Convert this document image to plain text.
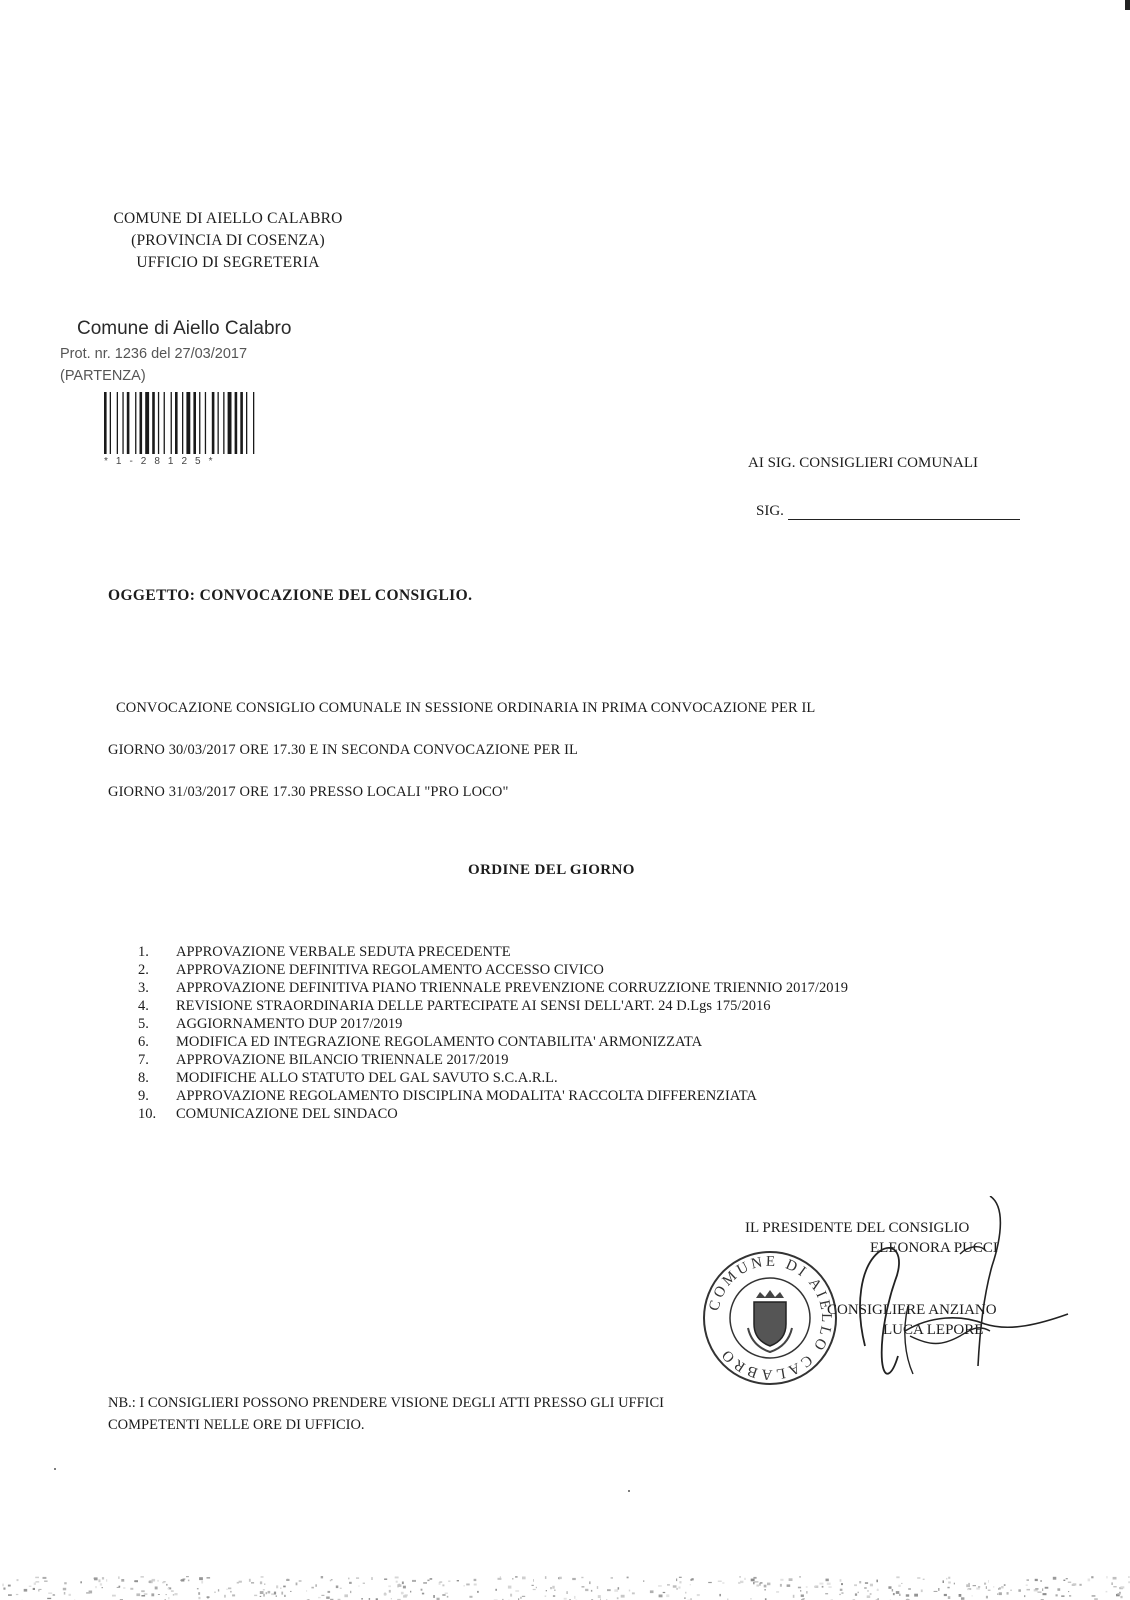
COMUNE DI AIELLO CALABRO
(PROVINCIA DI COSENZA)
UFFICIO DI SEGRETERIA
Comune di Aiello Calabro
Prot. nr. 1236 del 27/03/2017
(PARTENZA)
*1-28125*	AI SIG. CONSIGLIERI COMUNALI
SIG.
OGGETTO: CONVOCAZIONE DEL CONSIGLIO.
CONVOCAZIONE CONSIGLIO COMUNALE IN SESSIONE ORDINARIA IN PRIMA CONVOCAZIONE PER IL
GIORNO 30/03/2017 ORE 17.30 E IN SECONDA CONVOCAZIONE PER IL
GIORNO 31/03/2017 ORE 17.30 PRESSO LOCALI "PRO LOCO"
ORDINE DEL GIORNO
1.	APPROVAZIONE VERBALE SEDUTA PRECEDENTE
2.	APPROVAZIONE DEFINITIVA REGOLAMENTO ACCESSO CIVICO
3.	APPROVAZIONE DEFINITIVA PIANO TRIENNALE PREVENZIONE CORRUZZIONE TRIENNIO 2017/2019
4.	REVISIONE STRAORDINARIA DELLE PARTECIPATE AI SENSI DELL'ART. 24 D.Lgs 175/2016
5.	AGGIORNAMENTO DUP 2017/2019
6.	MODIFICA ED INTEGRAZIONE REGOLAMENTO CONTABILITA' ARMONIZZATA
7.	APPROVAZIONE BILANCIO TRIENNALE 2017/2019
8.	MODIFICHE ALLO STATUTO DEL GAL SAVUTO S.C.A.R.L.
9.	APPROVAZIONE REGOLAMENTO DISCIPLINA MODALITA' RACCOLTA DIFFERENZIATA
10.	COMUNICAZIONE DEL SINDACO
COMUNE DI AIELLO CALABRO
IL PRESIDENTE DEL CONSIGLIO
ELEONORA PUCCI
CONSIGLIERE ANZIANO
LUCA LEPORE
NB.: I CONSIGLIERI POSSONO PRENDERE VISIONE DEGLI ATTI PRESSO GLI UFFICI
COMPETENTI NELLE ORE DI UFFICIO.
